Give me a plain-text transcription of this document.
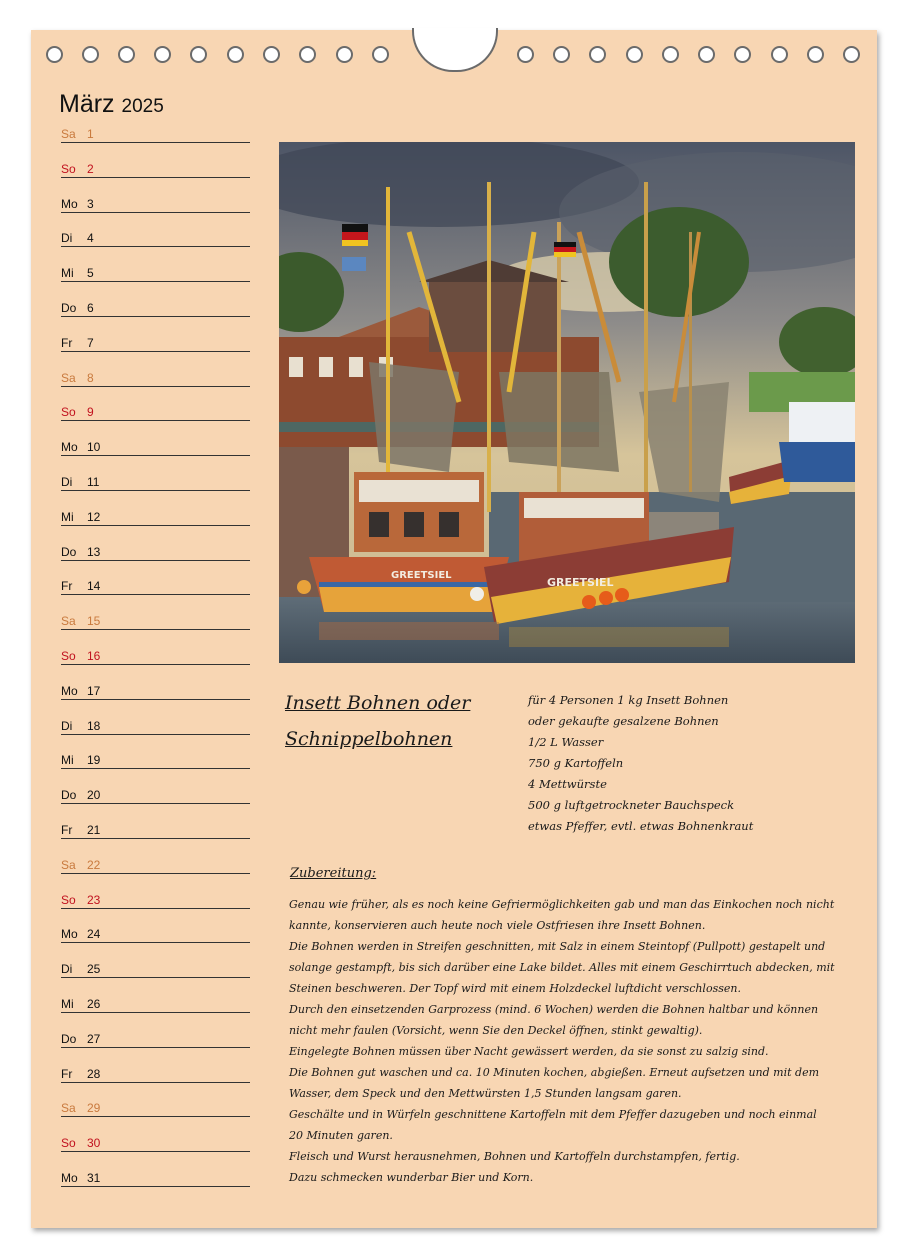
März 2025
Sa 1
So 2
Mo 3
Di 4
Mi 5
Do 6
Fr 7
Sa 8
So 9
Mo 10
Di 11
Mi 12
Do 13
Fr 14
Sa 15
So 16
Mo 17
Di 18
Mi 19
Do 20
Fr 21
Sa 22
So 23
Mo 24
Di 25
Mi 26
Do 27
Fr 28
Sa 29
So 30
Mo 31
GREETSIEL
GREETSIEL
Insett Bohnen oder
Schnippelbohnen
für 4 Personen 1 kg Insett Bohnen
oder gekaufte gesalzene Bohnen
1/2 L Wasser
750 g Kartoffeln
4 Mettwürste
500 g luftgetrockneter Bauchspeck
etwas Pfeffer, evtl. etwas Bohnenkraut
Zubereitung:
Genau wie früher, als es noch keine Gefriermöglichkeiten gab und man das Einkochen noch nicht
kannte, konservieren auch heute noch viele Ostfriesen ihre Insett Bohnen.
Die Bohnen werden in Streifen geschnitten, mit Salz in einem Steintopf (Pullpott) gestapelt und
solange gestampft, bis sich darüber eine Lake bildet. Alles mit einem Geschirrtuch abdecken, mit
Steinen beschweren. Der Topf wird mit einem Holzdeckel luftdicht verschlossen.
Durch den einsetzenden Garprozess (mind. 6 Wochen) werden die Bohnen haltbar und können
nicht mehr faulen (Vorsicht, wenn Sie den Deckel öffnen, stinkt gewaltig).
Eingelegte Bohnen müssen über Nacht gewässert werden, da sie sonst zu salzig sind.
Die Bohnen gut waschen und ca. 10 Minuten kochen, abgießen. Erneut aufsetzen und mit dem
Wasser, dem Speck und den Mettwürsten 1,5 Stunden langsam garen.
Geschälte und in Würfeln geschnittene Kartoffeln mit dem Pfeffer dazugeben und noch einmal
20 Minuten garen.
Fleisch und Wurst herausnehmen, Bohnen und Kartoffeln durchstampfen, fertig.
Dazu schmecken wunderbar Bier und Korn.
